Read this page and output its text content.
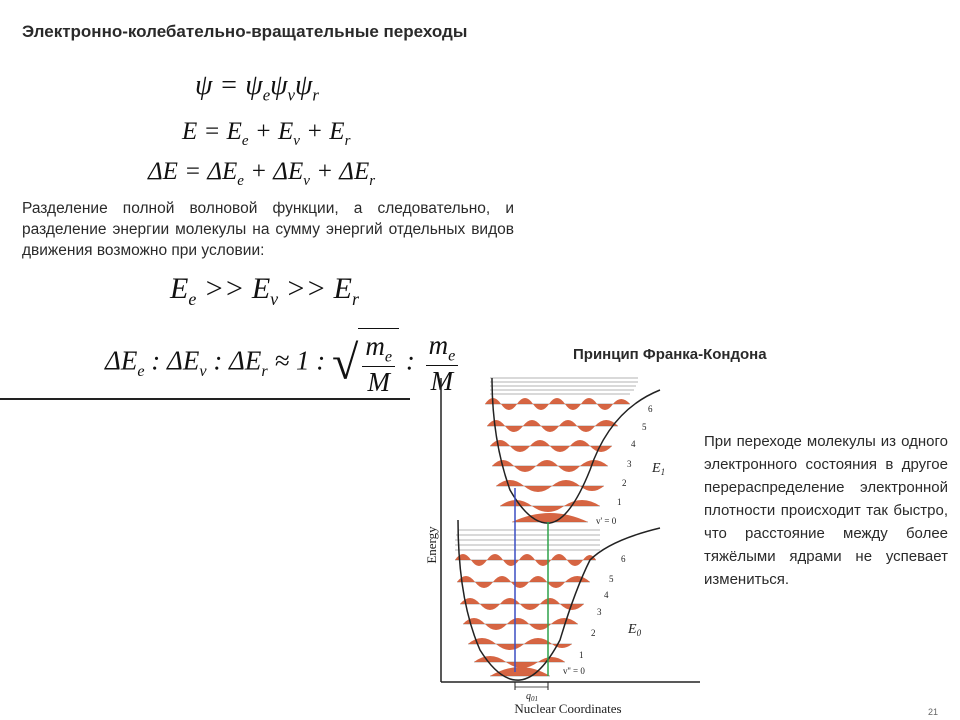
Электронно-колебательно-вращательные переходы
$\psi = \psi_e\psi_v\psi_r$
$E = E_e + E_v + E_r$
$\Delta E = \Delta E_e + \Delta E_v + \Delta E_r$
Разделение полной волновой функции, а следовательно, и разделение энергии молекулы на сумму энергий отдельных видов движения возможно при условии:
$E_e >> E_v >> E_r$
$\Delta E_e$ : $\Delta E_v$ : $\Delta E_r \approx 1$ : √ $\frac{m_e}{M}$ : $\frac{m_e}{M}$	Принцип Франка-Кондона
При переходе молекулы из одного электронного состояния в другое перераспределение электронной плотности происходит так быстро, что расстояние между более тяжёлыми ядрами не успевает измениться.
Energy
Nuclear Coordinates
$q_{01}$
$E_1$
$E_0$
6
5
4
3
2
1
v' = 0
6
5
4
3
2
1
v'' = 0
21
